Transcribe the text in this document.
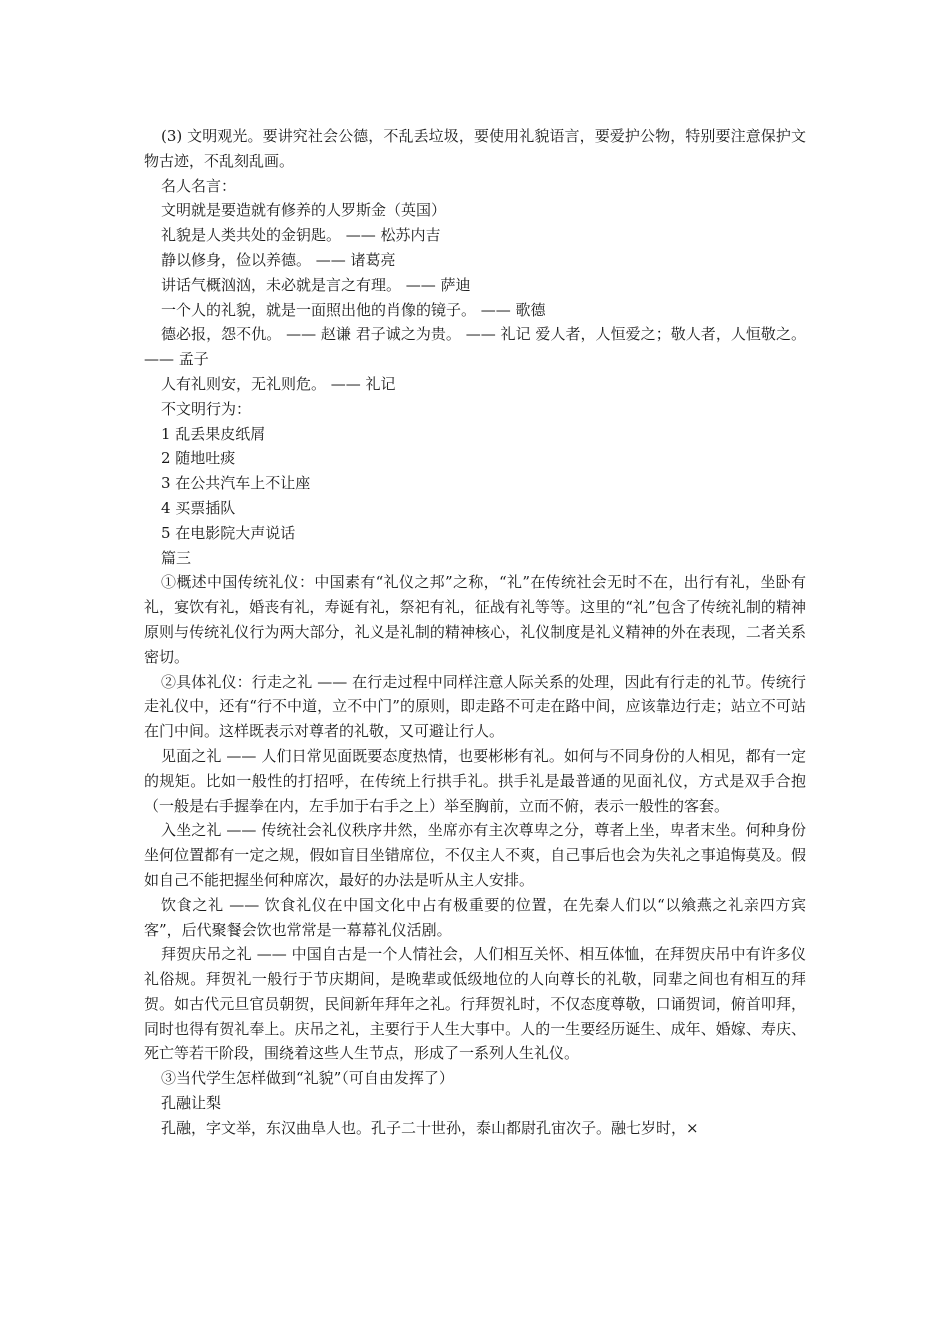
(3) 文明观光。要讲究社会公德，不乱丢垃圾，要使用礼貌语言，要爱护公物，特别要注意保护文物古迹，不乱刻乱画。

名人名言：

文明就是要造就有修养的人罗斯金（英国）

礼貌是人类共处的金钥匙。 —— 松苏内吉

静以修身，俭以养德。 —— 诸葛亮

讲话气概汹汹，未必就是言之有理。 —— 萨迪

一个人的礼貌，就是一面照出他的肖像的镜子。 —— 歌德

德必报，怨不仇。 —— 赵谦 君子诚之为贵。 —— 礼记 爱人者，人恒爱之；敬人者，人恒敬之。 —— 孟子

人有礼则安，无礼则危。 —— 礼记

不文明行为：

1 乱丢果皮纸屑

2 随地吐痰

3 在公共汽车上不让座

4 买票插队

5 在电影院大声说话

篇三

①概述中国传统礼仪：中国素有“礼仪之邦”之称，“礼”在传统社会无时不在，出行有礼，坐卧有礼，宴饮有礼，婚丧有礼，寿诞有礼，祭祀有礼，征战有礼等等。这里的“礼”包含了传统礼制的精神原则与传统礼仪行为两大部分，礼义是礼制的精神核心，礼仪制度是礼义精神的外在表现，二者关系密切。

②具体礼仪：行走之礼 —— 在行走过程中同样注意人际关系的处理，因此有行走的礼节。传统行走礼仪中，还有“行不中道，立不中门”的原则，即走路不可走在路中间，应该靠边行走；站立不可站在门中间。这样既表示对尊者的礼敬，又可避让行人。

见面之礼 —— 人们日常见面既要态度热情，也要彬彬有礼。如何与不同身份的人相见，都有一定的规矩。比如一般性的打招呼，在传统上行拱手礼。拱手礼是最普通的见面礼仪，方式是双手合抱（一般是右手握拳在内，左手加于右手之上）举至胸前，立而不俯，表示一般性的客套。

入坐之礼 —— 传统社会礼仪秩序井然，坐席亦有主次尊卑之分，尊者上坐，卑者末坐。何种身份坐何位置都有一定之规，假如盲目坐错席位，不仅主人不爽，自己事后也会为失礼之事追悔莫及。假如自己不能把握坐何种席次，最好的办法是听从主人安排。

饮食之礼 —— 饮食礼仪在中国文化中占有极重要的位置，在先秦人们以“以飨燕之礼亲四方宾客”，后代聚餐会饮也常常是一幕幕礼仪活剧。

拜贺庆吊之礼 —— 中国自古是一个人情社会，人们相互关怀、相互体恤，在拜贺庆吊中有许多仪礼俗规。拜贺礼一般行于节庆期间，是晚辈或低级地位的人向尊长的礼敬，同辈之间也有相互的拜贺。如古代元旦官员朝贺，民间新年拜年之礼。行拜贺礼时，不仅态度尊敬，口诵贺词，俯首叩拜，同时也得有贺礼奉上。庆吊之礼，主要行于人生大事中。人的一生要经历诞生、成年、婚嫁、寿庆、死亡等若干阶段，围绕着这些人生节点，形成了一系列人生礼仪。

③当代学生怎样做到“礼貌”（可自由发挥了）

孔融让梨

孔融，字文举，东汉曲阜人也。孔子二十世孙，泰山都尉孔宙次子。融七岁时，×
